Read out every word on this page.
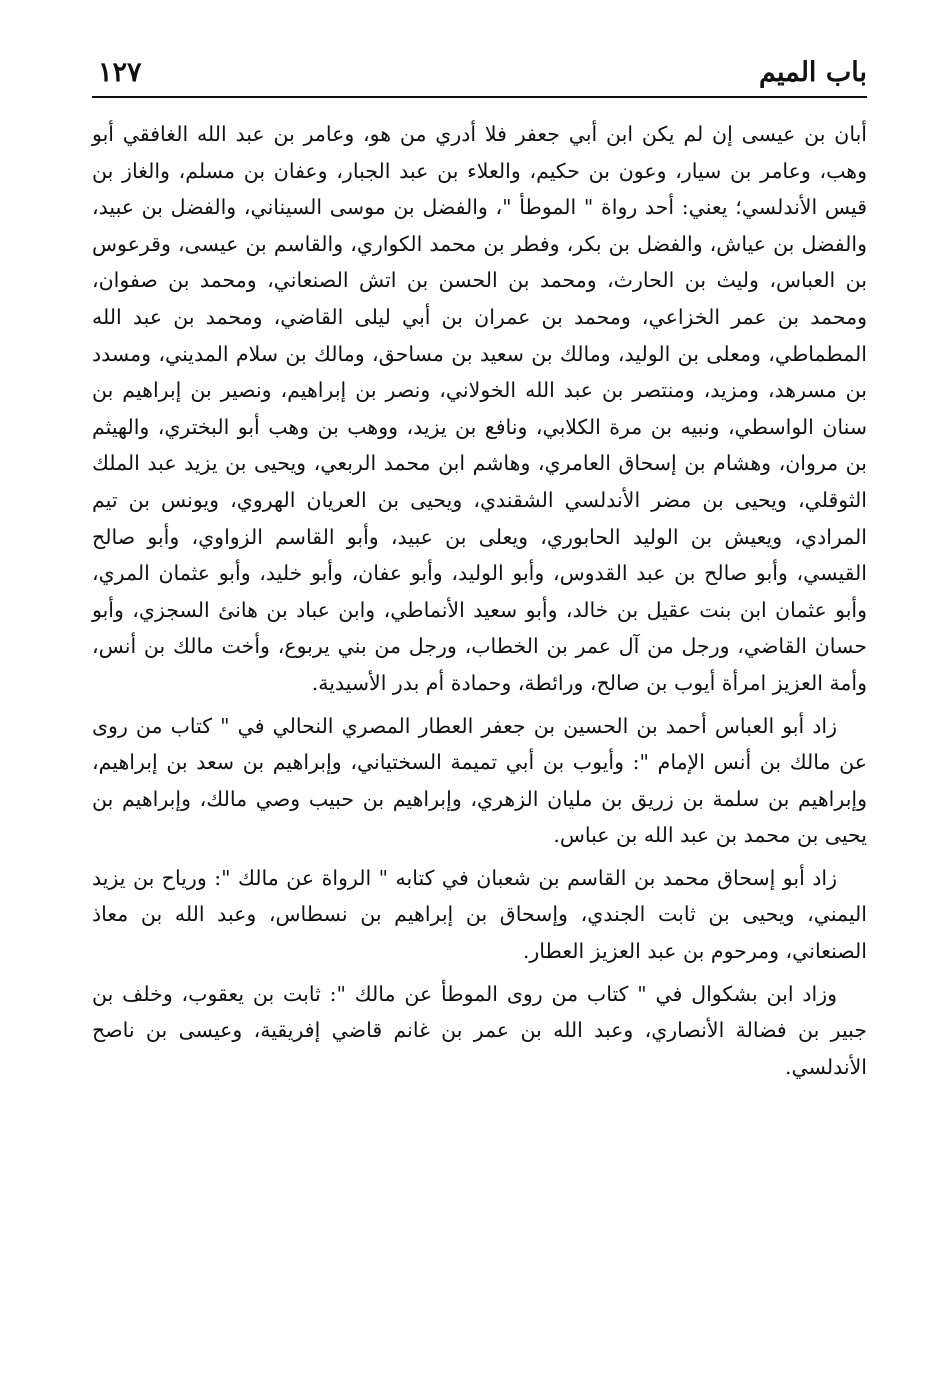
باب الميم
١٢٧

أبان بن عيسى إن لم يكن ابن أبي جعفر فلا أدري من هو، وعامر بن عبد الله الغافقي أبو وهب، وعامر بن سيار، وعون بن حكيم، والعلاء بن عبد الجبار، وعفان بن مسلم، والغاز بن قيس الأندلسي؛ يعني: أحد رواة " الموطأ "، والفضل بن موسى السيناني، والفضل بن عبيد، والفضل بن عياش، والفضل بن بكر، وفطر بن محمد الكواري، والقاسم بن عيسى، وقرعوس بن العباس، وليث بن الحارث، ومحمد بن الحسن بن اتش الصنعاني، ومحمد بن صفوان، ومحمد بن عمر الخزاعي، ومحمد بن عمران بن أبي ليلى القاضي، ومحمد بن عبد الله المطماطي، ومعلى بن الوليد، ومالك بن سعيد بن مساحق، ومالك بن سلام المديني، ومسدد بن مسرهد، ومزيد، ومنتصر بن عبد الله الخولاني، ونصر بن إبراهيم، ونصير بن إبراهيم بن سنان الواسطي، ونبيه بن مرة الكلابي، ونافع بن يزيد، ووهب بن وهب أبو البختري، والهيثم بن مروان، وهشام بن إسحاق العامري، وهاشم ابن محمد الربعي، ويحيى بن يزيد عبد الملك الثوقلي، ويحيى بن مضر الأندلسي الشقندي، ويحيى بن العريان الهروي، ويونس بن تيم المرادي، ويعيش بن الوليد الحابوري، ويعلى بن عبيد، وأبو القاسم الزواوي، وأبو صالح القيسي، وأبو صالح بن عبد القدوس، وأبو الوليد، وأبو عفان، وأبو خليد، وأبو عثمان المري، وأبو عثمان ابن بنت عقيل بن خالد، وأبو سعيد الأنماطي، وابن عباد بن هانئ السجزي، وأبو حسان القاضي، ورجل من آل عمر بن الخطاب، ورجل من بني يربوع، وأخت مالك بن أنس، وأمة العزيز امرأة أيوب بن صالح، ورائطة، وحمادة أم بدر الأسيدية.

زاد أبو العباس أحمد بن الحسين بن جعفر العطار المصري النحالي في " كتاب من روى عن مالك بن أنس الإمام ": وأيوب بن أبي تميمة السختياني، وإبراهيم بن سعد بن إبراهيم، وإبراهيم بن سلمة بن زريق بن مليان الزهري، وإبراهيم بن حبيب وصي مالك، وإبراهيم بن يحيى بن محمد بن عبد الله بن عباس.

زاد أبو إسحاق محمد بن القاسم بن شعبان في كتابه " الرواة عن مالك ": ورياح بن يزيد اليمني، ويحيى بن ثابت الجندي، وإسحاق بن إبراهيم بن نسطاس، وعبد الله بن معاذ الصنعاني، ومرحوم بن عبد العزيز العطار.

وزاد ابن بشكوال في " كتاب من روى الموطأ عن مالك ": ثابت بن يعقوب، وخلف بن جبير بن فضالة الأنصاري، وعبد الله بن عمر بن غانم قاضي إفريقية، وعيسى بن ناصح الأندلسي.
